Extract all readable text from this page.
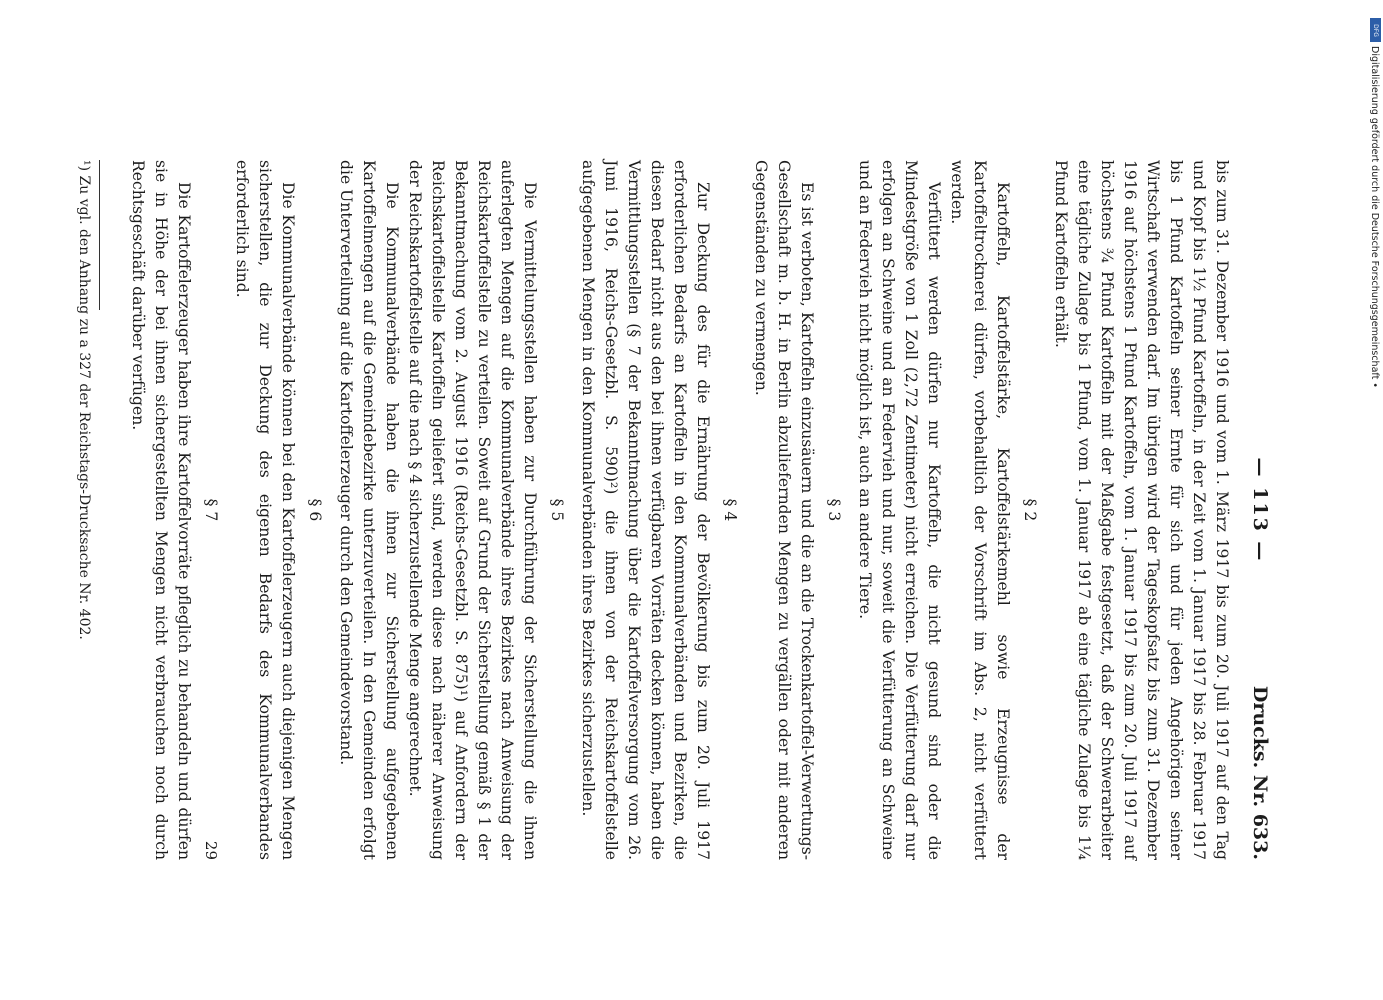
— 113 —
Drucks. Nr. 633.

bis zum 31. Dezember 1916 und vom 1. März 1917 bis zum 20. Juli 1917 auf den Tag und Kopf bis 1½ Pfund Kartoffeln, in der Zeit vom 1. Januar 1917 bis 28. Februar 1917 bis 1 Pfund Kartoffeln seiner Ernte für sich und für jeden Angehörigen seiner Wirtschaft verwenden darf. Im übrigen wird der Tageskopfsatz bis zum 31. Dezember 1916 auf höchstens 1 Pfund Kartoffeln, vom 1. Januar 1917 bis zum 20. Juli 1917 auf höchstens ¾ Pfund Kartoffeln mit der Maßgabe festgesetzt, daß der Schwerarbeiter eine tägliche Zulage bis 1 Pfund, vom 1. Januar 1917 ab eine tägliche Zulage bis 1¼ Pfund Kartoffeln erhält.

§ 2

Kartoffeln, Kartoffelstärke, Kartoffelstärkemehl sowie Erzeugnisse der Kartoffeltrocknerei dürfen, vorbehaltlich der Vorschrift im Abs. 2, nicht verfüttert werden.

Verfüttert werden dürfen nur Kartoffeln, die nicht gesund sind oder die Mindestgröße von 1 Zoll (2,72 Zentimeter) nicht erreichen. Die Verfütterung darf nur erfolgen an Schweine und an Federvieh und nur, soweit die Verfütterung an Schweine und an Federvieh nicht möglich ist, auch an andere Tiere.

§ 3

Es ist verboten, Kartoffeln einzusäuern und die an die Trockenkartoffel-Verwertungs-Gesellschaft m. b. H. in Berlin abzuliefernden Mengen zu vergällen oder mit anderen Gegenständen zu vermengen.

§ 4

Zur Deckung des für die Ernährung der Bevölkerung bis zum 20. Juli 1917 erforderlichen Bedarfs an Kartoffeln in den Kommunalverbänden und Bezirken, die diesen Bedarf nicht aus den bei ihnen verfügbaren Vorräten decken können, haben die Vermittlungsstellen (§ 7 der Bekanntmachung über die Kartoffelversorgung vom 26. Juni 1916, Reichs-Gesetzbl. S. 590)²) die ihnen von der Reichskartoffelstelle aufgegebenen Mengen in den Kommunalverbänden ihres Bezirkes sicherzustellen.

§ 5

Die Vermittelungsstellen haben zur Durchführung der Sicherstellung die ihnen auferlegten Mengen auf die Kommunalverbände ihres Bezirkes nach Anweisung der Reichskartoffelstelle zu verteilen. Soweit auf Grund der Sicherstellung gemäß § 1 der Bekanntmachung vom 2. August 1916 (Reichs-Gesetzbl. S. 875)¹) auf Anfordern der Reichskartoffelstelle Kartoffeln geliefert sind, werden diese nach näherer Anweisung der Reichskartoffelstelle auf die nach § 4 sicherzustellende Menge angerechnet.

Die Kommunalverbände haben die ihnen zur Sicherstellung aufgegebenen Kartoffelmengen auf die Gemeindebezirke unterzuverteilen. In den Gemeinden erfolgt die Unterverteilung auf die Kartoffelerzeuger durch den Gemeindevorstand.

§ 6

Die Kommunalverbände können bei den Kartoffelerzeugern auch diejenigen Mengen sicherstellen, die zur Deckung des eigenen Bedarfs des Kommunalverbandes erforderlich sind.

§ 7

Die Kartoffelerzeuger haben ihre Kartoffelvorräte pfleglich zu behandeln und dürfen sie in Höhe der bei ihnen sichergestellten Mengen nicht verbrauchen noch durch Rechtsgeschäft darüber verfügen.

¹) Zu vgl. den Anhang zu a 327 der Reichstags-Drucksache Nr. 402.
29
DFG
Digitalisierung gefördert durch die Deutsche Forschungsgemeinschaft •
